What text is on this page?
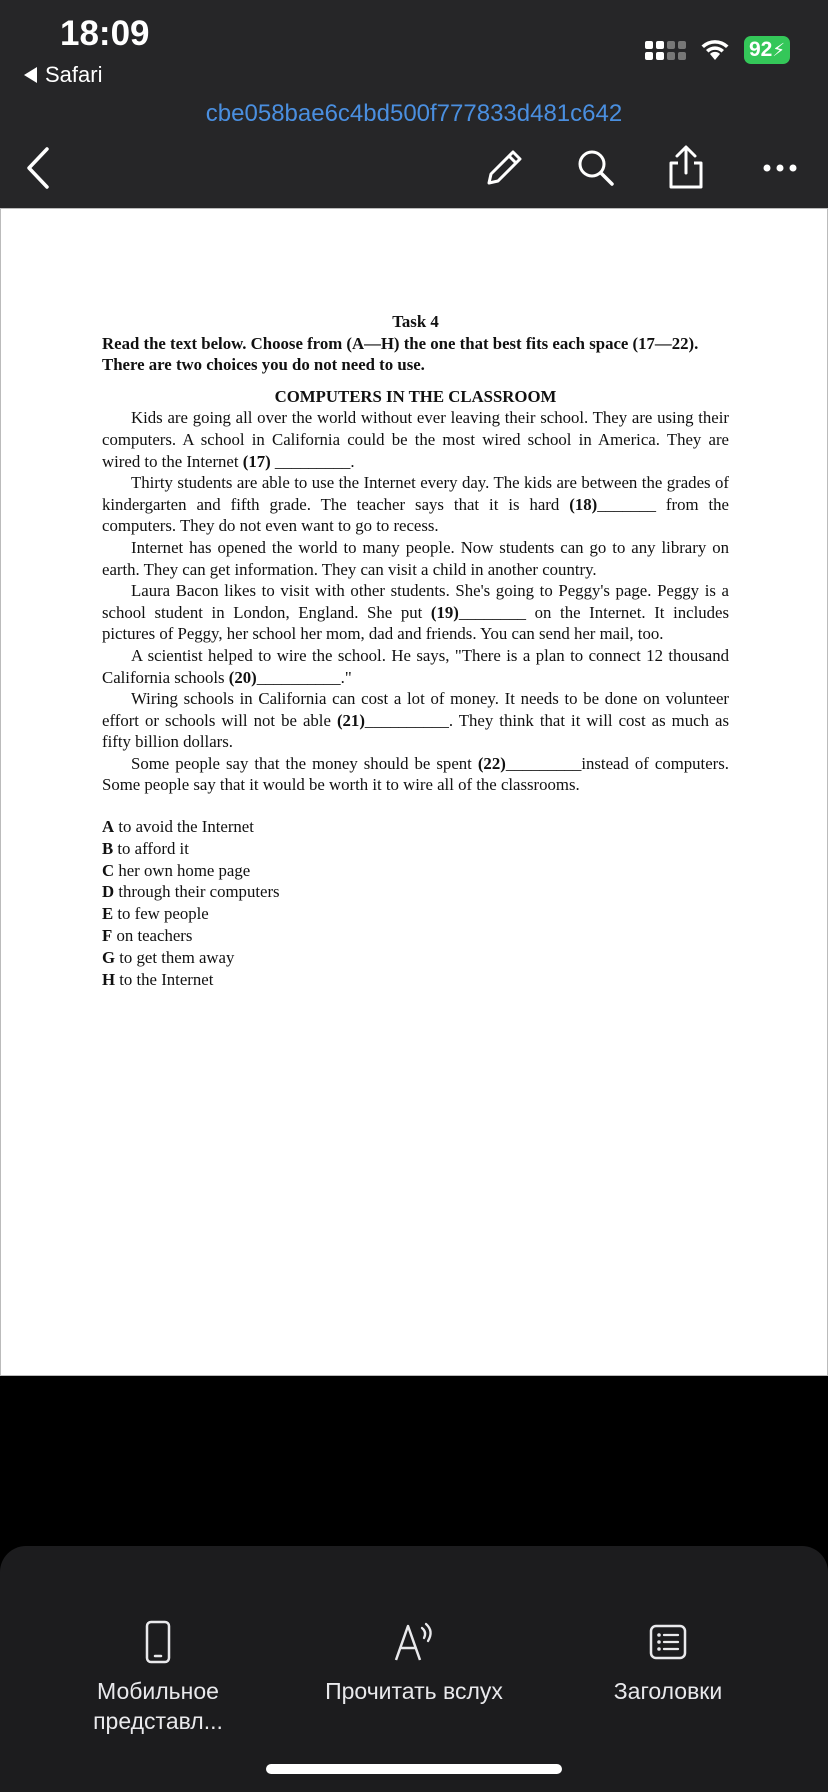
18:09
Safari
92 ⚡
cbe058bae6c4bd500f777833d481c642
Task 4
Read the text below. Choose from (A—H) the one that best fits each space (17—22). There are two choices you do not need to use.
COMPUTERS IN THE CLASSROOM

Kids are going all over the world without ever leaving their school. They are using their computers. A school in California could be the most wired school in America. They are wired to the Internet (17) _________.

Thirty students are able to use the Internet every day. The kids are between the grades of kindergarten and fifth grade. The teacher says that it is hard (18)_______ from the computers. They do not even want to go to recess.

Internet has opened the world to many people. Now students can go to any library on earth. They can get information. They can visit a child in another country.

Laura Bacon likes to visit with other students. She's going to Peggy's page. Peggy is a school student in London, England. She put (19)________ on the Internet. It includes pictures of Peggy, her school her mom, dad and friends. You can send her mail, too.

A scientist helped to wire the school. He says, "There is a plan to connect 12 thousand California schools (20)__________."

Wiring schools in California can cost a lot of money. It needs to be done on volunteer effort or schools will not be able (21)__________. They think that it will cost as much as fifty billion dollars.

Some people say that the money should be spent (22)_________instead of computers. Some people say that it would be worth it to wire all of the classrooms.

A to avoid the Internet
B to afford it
C her own home page
D through their computers
E to few people
F on teachers
G to get them away
H to the Internet
Мобильное представл...
Прочитать вслух	Заголовки
